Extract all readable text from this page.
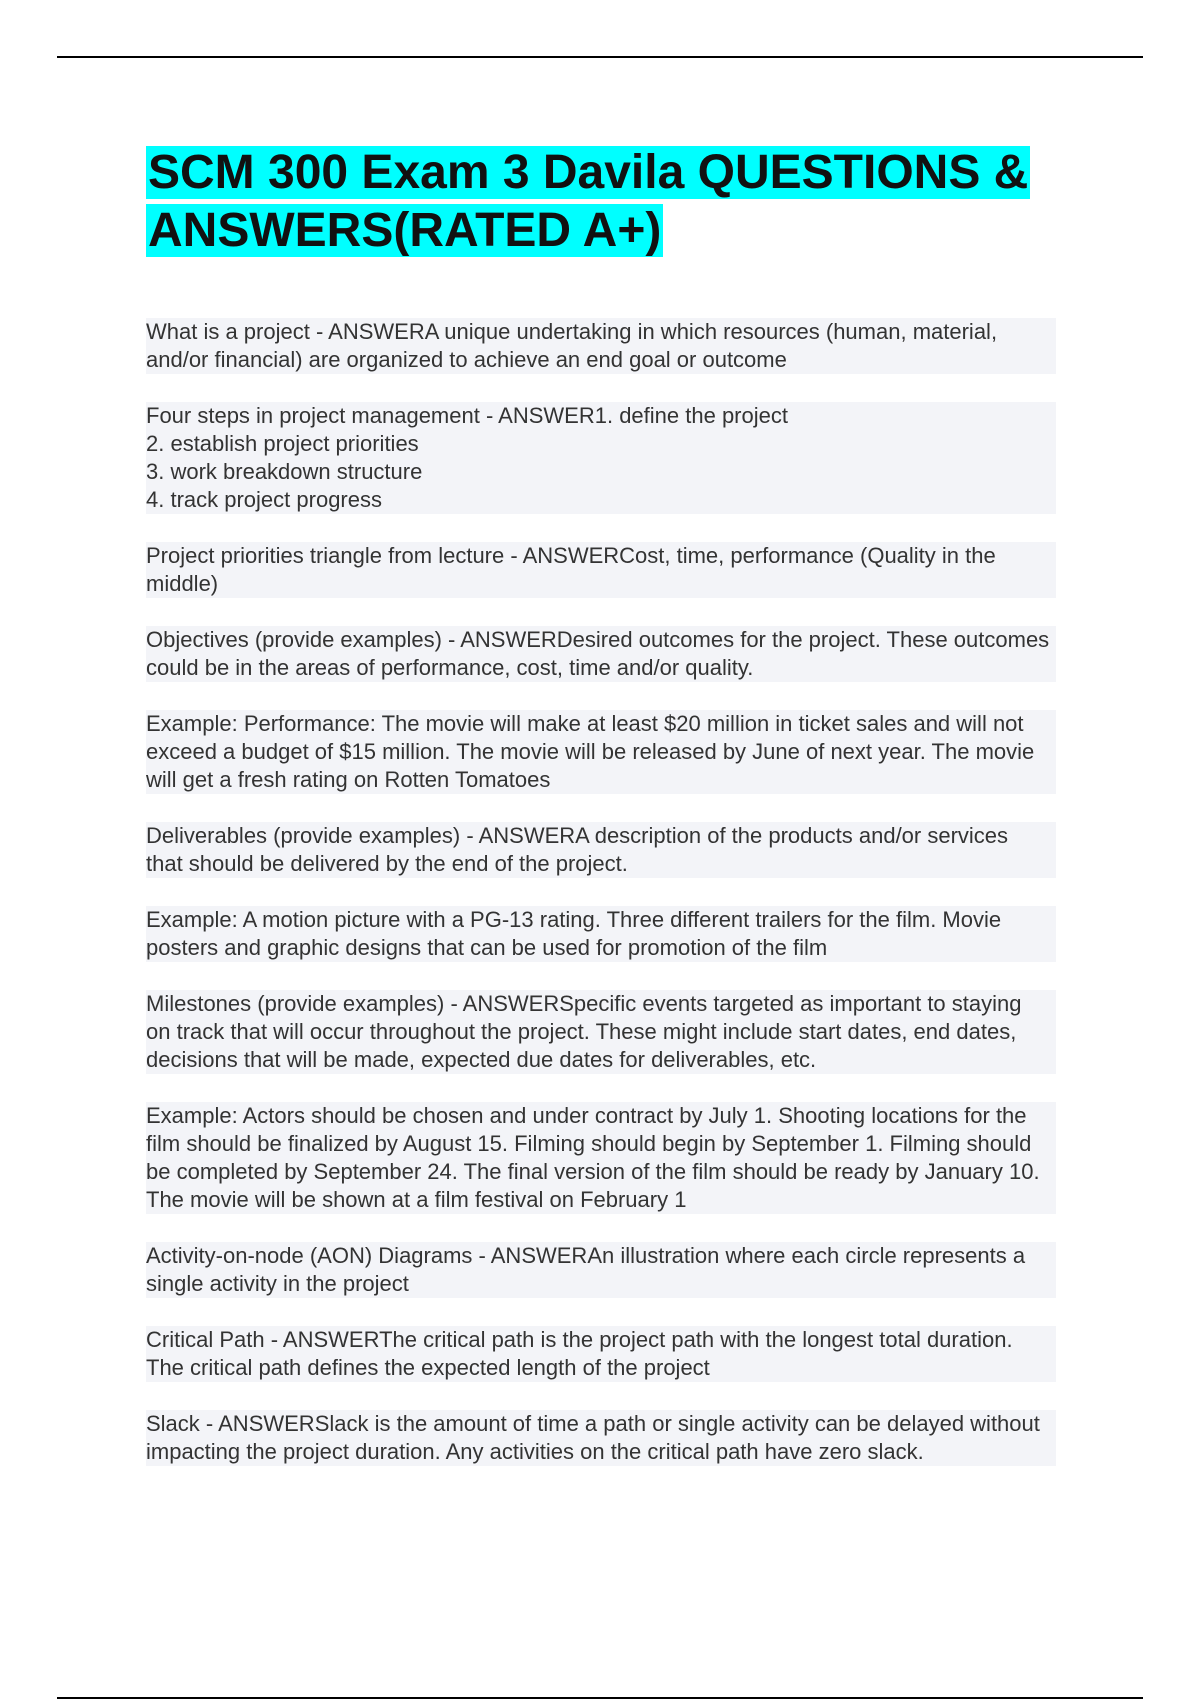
SCM 300 Exam 3 Davila QUESTIONS &
ANSWERS(RATED A+)
What is a project - ANSWERA unique undertaking in which resources (human, material, and/or financial) are organized to achieve an end goal or outcome
Four steps in project management - ANSWER1. define the project
2. establish project priorities
3. work breakdown structure
4. track project progress
Project priorities triangle from lecture - ANSWERCost, time, performance (Quality in the middle)
Objectives (provide examples) - ANSWERDesired outcomes for the project. These outcomes could be in the areas of performance, cost, time and/or quality.
Example: Performance: The movie will make at least $20 million in ticket sales and will not exceed a budget of $15 million. The movie will be released by June of next year. The movie will get a fresh rating on Rotten Tomatoes
Deliverables (provide examples) - ANSWERA description of the products and/or services that should be delivered by the end of the project.
Example: A motion picture with a PG-13 rating. Three different trailers for the film. Movie posters and graphic designs that can be used for promotion of the film
Milestones (provide examples) - ANSWERSpecific events targeted as important to staying on track that will occur throughout the project. These might include start dates, end dates, decisions that will be made, expected due dates for deliverables, etc.
Example: Actors should be chosen and under contract by July 1. Shooting locations for the film should be finalized by August 15. Filming should begin by September 1. Filming should be completed by September 24. The final version of the film should be ready by January 10. The movie will be shown at a film festival on February 1
Activity-on-node (AON) Diagrams - ANSWERAn illustration where each circle represents a single activity in the project
Critical Path - ANSWERThe critical path is the project path with the longest total duration. The critical path defines the expected length of the project
Slack - ANSWERSlack is the amount of time a path or single activity can be delayed without impacting the project duration. Any activities on the critical path have zero slack.
